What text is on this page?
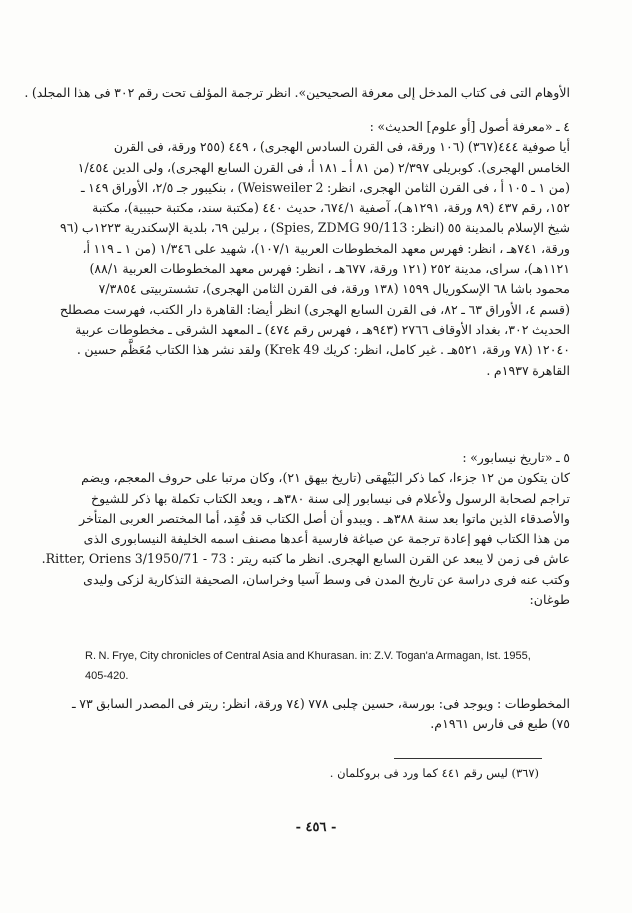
الأوهام التى فى كتاب المدخل إلى معرفة الصحيحين». انظر ترجمة المؤلف تحت رقم ٣٠٢ فى هذا المجلد) .
٤ ـ «معرفة أصول [أو علوم] الحديث» :
أيا صوفية ٤٤٤(٣٦٧) (١٠٦ ورقة، فى القرن السادس الهجرى) ، ٤٤٩ (٢٥٥ ورقة، فى القرن
الخامس الهجرى). كوبريلى ٢/٣٩٧ (من ٨١ أ ـ ١٨١ أ، فى القرن السابع الهجرى)، ولى الدين ١/٤٥٤
(من ١ ـ ١٠٥ أ ، فى القرن الثامن الهجرى، انظر: Weisweiler 2) ، بنكيبور جـ ٢/٥، الأوراق ١٤٩ ـ
١٥٢، رقم ٤٣٧ (٨٩ ورقة، ١٢٩١هـ)، آصفية ٦٧٤/١، حديث ٤٤٠ (مكتبة سند، مكتبة حبيبية)، مكتبة
شيخ الإسلام بالمدينة ٥٥ (انظر: Spies, ZDMG 90/113) ، برلين ٦٩، بلدية الإسكندرية ١٢٢٣ب (٩٦
ورقة، ٧٤١هـ ، انظر: فهرس معهد المخطوطات العربية ١٠٧/١)، شهيد على ١/٣٤٦ (من ١ ـ ١١٩ أ،
١١٢١هـ)، سراى، مدينة ٢٥٢ (١٢١ ورقة، ٦٧٧هـ ، انظر: فهرس معهد المخطوطات العربية ٨٨/١)
محمود باشا ٦٨ الإسكوريال ١٥٩٩ (١٣٨ ورقة، فى القرن الثامن الهجرى)، تشستربيتى ٧/٣٨٥٤
(قسم ٤، الأوراق ٦٣ ـ ٨٢، فى القرن السابع الهجرى) انظر أيضا: القاهرة دار الكتب، فهرست مصطلح
الحديث ٣٠٢، بغداد الأوقاف ٢٧٦٦ (٩٤٣هـ ، فهرس رقم ٤٧٤) ـ المعهد الشرقى ـ مخطوطات عربية
١٢٠٤٠ (٧٨ ورقة، ٥٢١هـ . غير كامل، انظر: كريك Krek 49) ولقد نشر هذا الكتاب مُعَظَّم حسين .
القاهرة ١٩٣٧م .
٥ ـ «تاريخ نيسابور» :
كان يتكون من ١٢ جزءا، كما ذكر البَيْهقى (تاريخ بيهق ٢١)، وكان مرتبا على حروف المعجم، ويضم
تراجم لصحابة الرسول ولأعلام فى نيسابور إلى سنة ٣٨٠هـ ، ويعد الكتاب تكملة بها ذكر للشيوخ
والأصدقاء الذين ماتوا بعد سنة ٣٨٨هـ . ويبدو أن أصل الكتاب قد فُقِد، أما المختصر العربى المتأخر
من هذا الكتاب فهو إعادة ترجمة عن صياغة فارسية أعدها مصنف اسمه الخليفة النيسابورى الذى
عاش فى زمن لا يبعد عن القرن السابع الهجرى. انظر ما كتبه ريتر : Ritter, Oriens 3/1950/71 - 73.
وكتب عنه فرى دراسة عن تاريخ المدن فى وسط آسيا وخراسان، الصحيفة التذكارية لزكى وليدى
طوغان:
R. N. Frye, City chronicles of Central Asia and Khurasan. in: Z.V. Togan'a Armagan, Ist. 1955,
405-420.
المخطوطات : ويوجد فى: بورسة، حسين چلبى ٧٧٨ (٧٤ ورقة، انظر: ريتر فى المصدر السابق ٧٣ ـ
٧٥) طبع فى فارس ١٩٦١م.
(٣٦٧) ليس رقم ٤٤١ كما ورد فى بروكلمان .
- ٤٥٦ -
